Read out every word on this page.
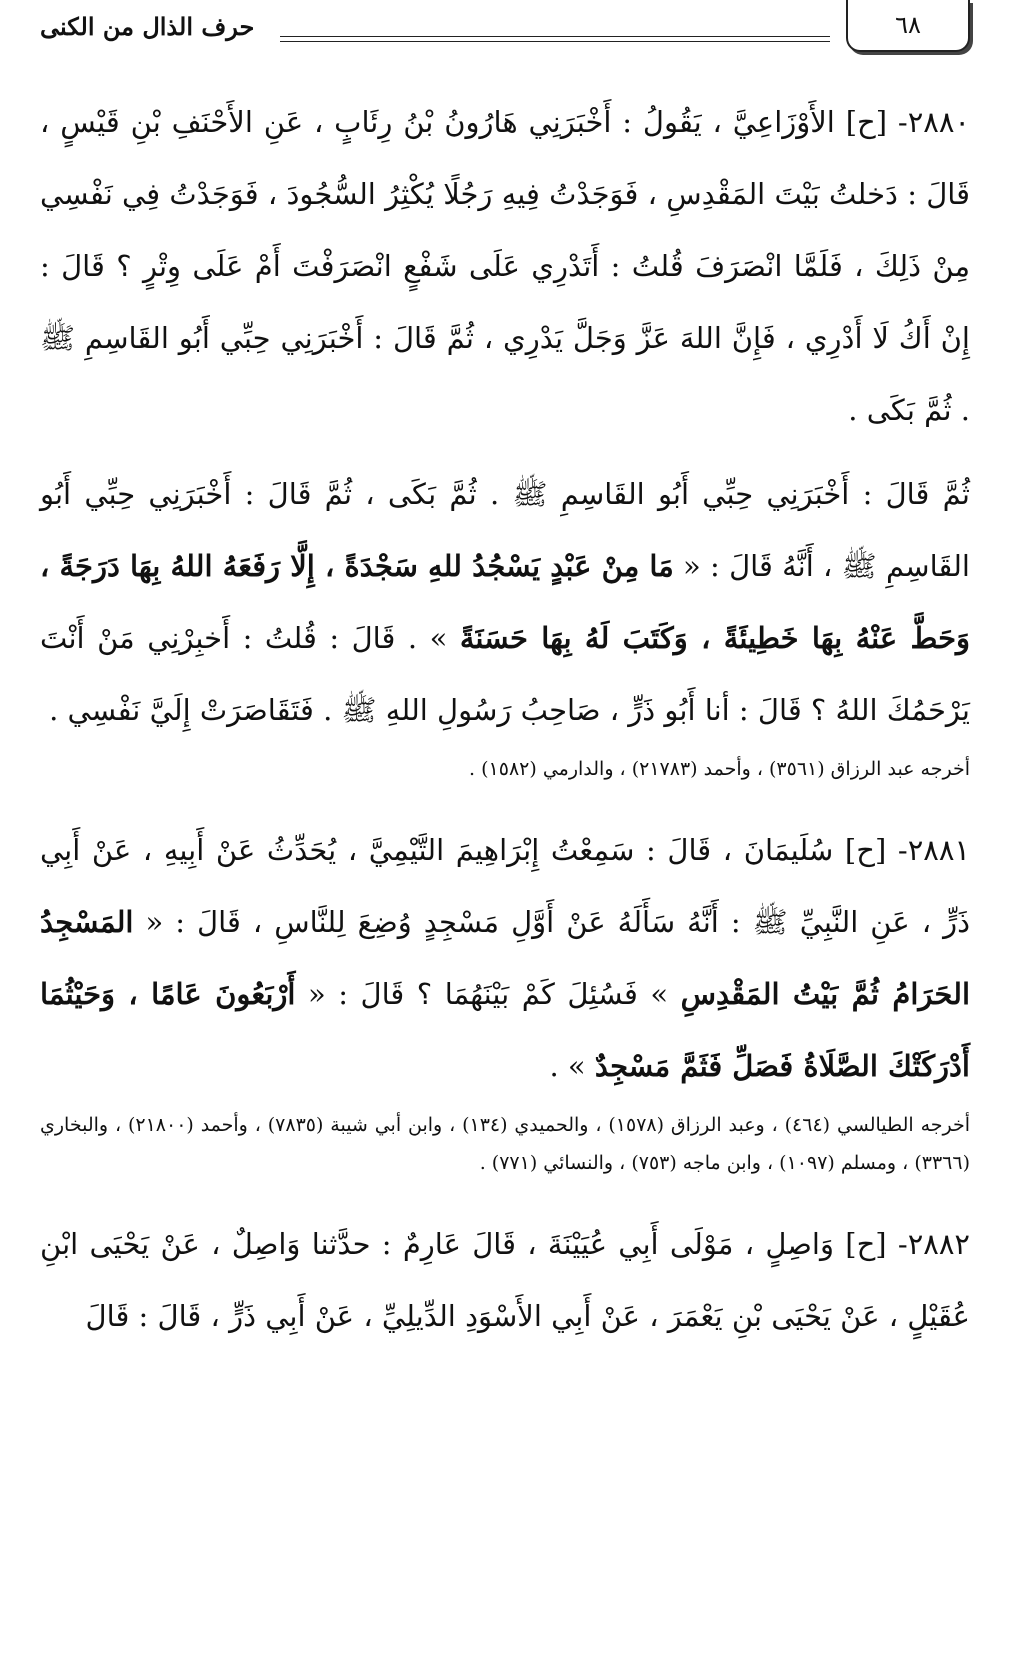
٦٨
حرف الذال من الكنى

٢٨٨٠- [ح] الأَوْزَاعِيَّ ، يَقُولُ : أَخْبَرَنِي هَارُونُ بْنُ رِئَابٍ ، عَنِ الأَحْنَفِ بْنِ قَيْسٍ ، قَالَ : دَخلتُ بَيْتَ المَقْدِسِ ، فَوَجَدْتُ فِيهِ رَجُلًا يُكْثِرُ السُّجُودَ ، فَوَجَدْتُ فِي نَفْسِي مِنْ ذَلِكَ ، فَلَمَّا انْصَرَفَ قُلتُ : أَتَدْرِي عَلَى شَفْعٍ انْصَرَفْتَ أَمْ عَلَى وِتْرٍ ؟ قَالَ : إِنْ أَكُ لَا أَدْرِي ، فَإِنَّ اللهَ عَزَّ وَجَلَّ يَدْرِي ، ثُمَّ قَالَ : أَخْبَرَنِي حِبِّي أَبُو القَاسِمِ ﷺ . ثُمَّ بَكَى .

ثُمَّ قَالَ : أَخْبَرَنِي حِبِّي أَبُو القَاسِمِ ﷺ . ثُمَّ بَكَى ، ثُمَّ قَالَ : أَخْبَرَنِي حِبِّي أَبُو القَاسِمِ ﷺ ، أَنَّهُ قَالَ : « مَا مِنْ عَبْدٍ يَسْجُدُ للهِ سَجْدَةً ، إِلَّا رَفَعَهُ اللهُ بِهَا دَرَجَةً ، وَحَطَّ عَنْهُ بِهَا خَطِيئَةً ، وَكَتَبَ لَهُ بِهَا حَسَنَةً » . قَالَ : قُلتُ : أَخبِرْنِي مَنْ أَنْتَ يَرْحَمُكَ اللهُ ؟ قَالَ : أنا أَبُو ذَرٍّ ، صَاحِبُ رَسُولِ اللهِ ﷺ . فَتَقَاصَرَتْ إِلَيَّ نَفْسِي .

أخرجه عبد الرزاق (٣٥٦١) ، وأحمد (٢١٧٨٣) ، والدارمي (١٥٨٢) .

٢٨٨١- [ح] سُلَيمَانَ ، قَالَ : سَمِعْتُ إِبْرَاهِيمَ التَّيْمِيَّ ، يُحَدِّثُ عَنْ أَبِيهِ ، عَنْ أَبِي ذَرٍّ ، عَنِ النَّبِيِّ ﷺ : أَنَّهُ سَأَلَهُ عَنْ أَوَّلِ مَسْجِدٍ وُضِعَ لِلنَّاسِ ، قَالَ : « المَسْجِدُ الحَرَامُ ثُمَّ بَيْتُ المَقْدِسِ » فَسُئِلَ كَمْ بَيْنَهُمَا ؟ قَالَ : « أَرْبَعُونَ عَامًا ، وَحَيْثُمَا أَدْرَكَتْكَ الصَّلَاةُ فَصَلِّ فَثَمَّ مَسْجِدٌ » .

أخرجه الطيالسي (٤٦٤) ، وعبد الرزاق (١٥٧٨) ، والحميدي (١٣٤) ، وابن أبي شيبة (٧٨٣٥) ، وأحمد (٢١٨٠٠) ، والبخاري (٣٣٦٦) ، ومسلم (١٠٩٧) ، وابن ماجه (٧٥٣) ، والنسائي (٧٧١) .

٢٨٨٢- [ح] وَاصِلٍ ، مَوْلَى أَبِي عُيَيْنَةَ ، قَالَ عَارِمٌ : حدَّثنا وَاصِلٌ ، عَنْ يَحْيَى ابْنِ عُقَيْلٍ ، عَنْ يَحْيَى بْنِ يَعْمَرَ ، عَنْ أَبِي الأَسْوَدِ الدِّيلِيِّ ، عَنْ أَبِي ذَرٍّ ، قَالَ : قَالَ
